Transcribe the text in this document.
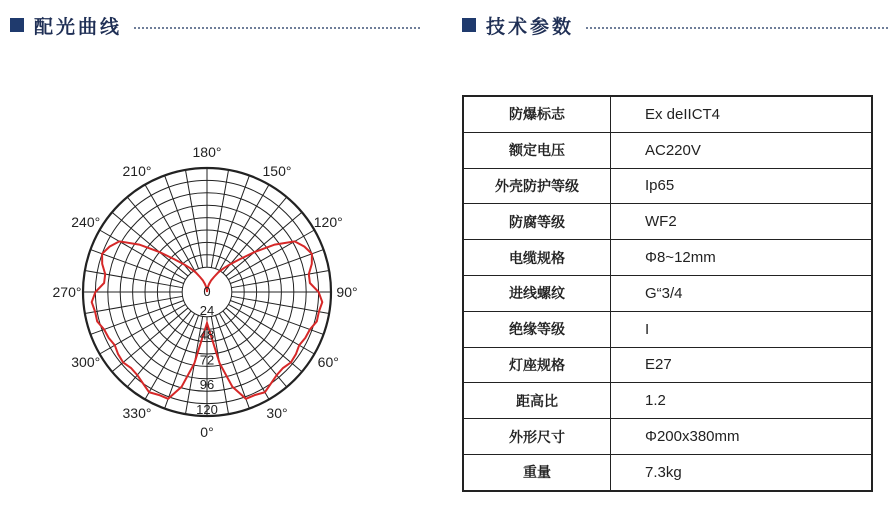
配光曲线	技术参数
0
24
48
72
96
120
180°
150°
120°
90°
60°
30°
0°
330°
300°
270°
240°
210°
防爆标志	Ex deIICT4
额定电压	AC220V
外壳防护等级	Ip65
防腐等级	WF2
电缆规格	Φ8~12mm
进线螺纹	G“3/4
绝缘等级	I
灯座规格	E27
距高比	1.2
外形尺寸	Φ200x380mm
重量	7.3kg
